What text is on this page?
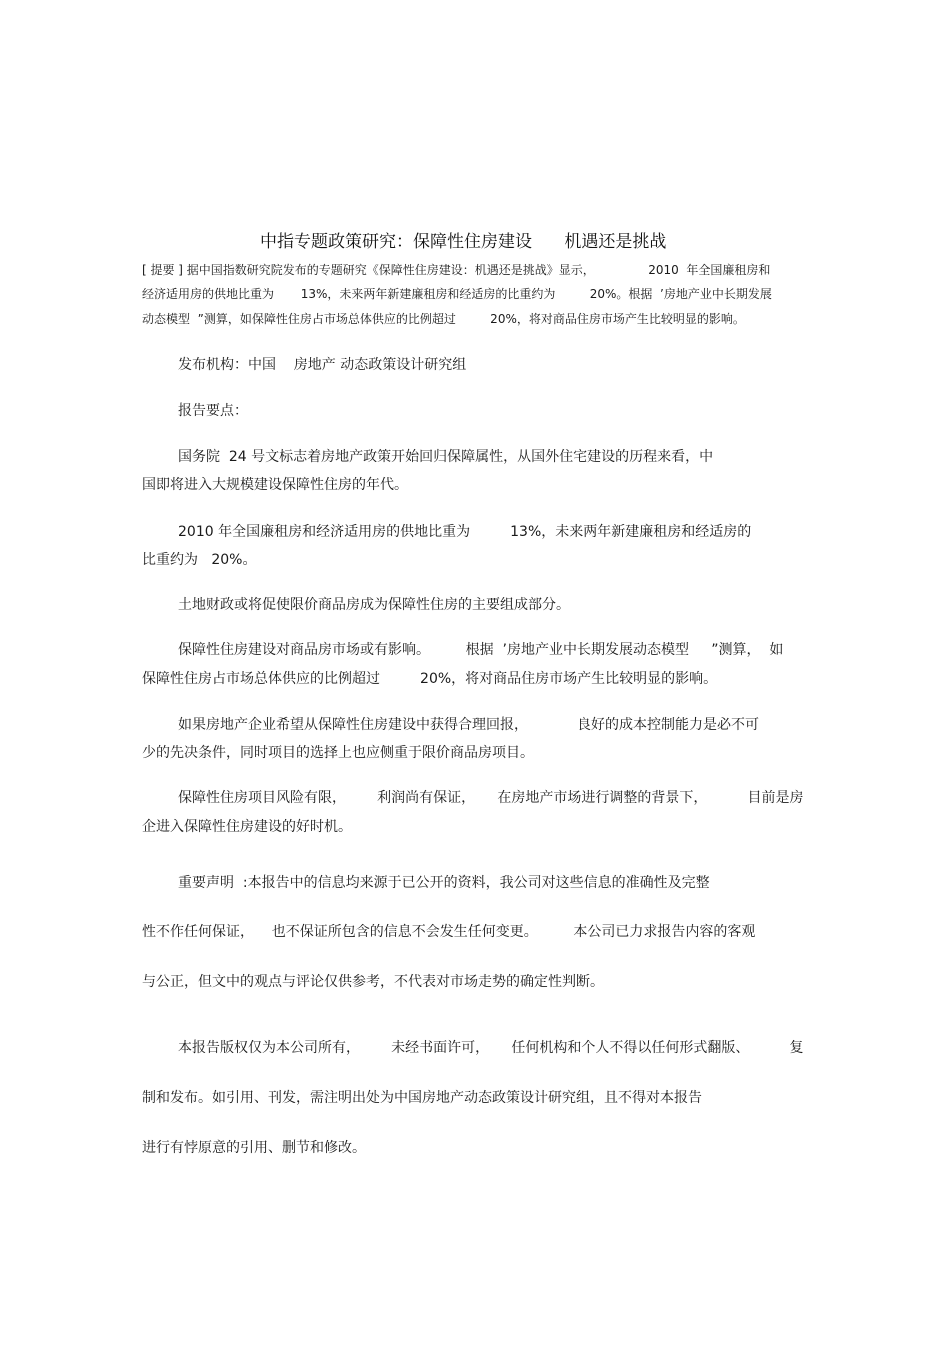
中指专题政策研究：保障性住房建设      机遇还是挑战
[ 提要 ] 据中国指数研究院发布的专题研究《保障性住房建设：机遇还是挑战》显示，              2010  年全国廉租房和
经济适用房的供地比重为       13%，未来两年新建廉租房和经适房的比重约为         20%。根据  ’房地产业中长期发展
动态模型  ”测算，如保障性住房占市场总体供应的比例超过         20%，将对商品住房市场产生比较明显的影响。
发布机构：中国    房地产 动态政策设计研究组
报告要点：
国务院  24 号文标志着房地产政策开始回归保障属性，从国外住宅建设的历程来看，中
国即将进入大规模建设保障性住房的年代。
2010 年全国廉租房和经济适用房的供地比重为         13%，未来两年新建廉租房和经适房的
比重约为   20%。
土地财政或将促使限价商品房成为保障性住房的主要组成部分。
保障性住房建设对商品房市场或有影响。        根据  ’房地产业中长期发展动态模型     ”测算，  如
保障性住房占市场总体供应的比例超过         20%，将对商品住房市场产生比较明显的影响。
如果房地产企业希望从保障性住房建设中获得合理回报，           良好的成本控制能力是必不可
少的先决条件，同时项目的选择上也应侧重于限价商品房项目。
保障性住房项目风险有限，       利润尚有保证，     在房地产市场进行调整的背景下，         目前是房
企进入保障性住房建设的好时机。
重要声明  :本报告中的信息均来源于已公开的资料，我公司对这些信息的准确性及完整
性不作任何保证，    也不保证所包含的信息不会发生任何变更。        本公司已力求报告内容的客观
与公正，但文中的观点与评论仅供参考，不代表对市场走势的确定性判断。
本报告版权仅为本公司所有，       未经书面许可，     任何机构和个人不得以任何形式翻版、         复
制和发布。如引用、刊发，需注明出处为中国房地产动态政策设计研究组，且不得对本报告
进行有悖原意的引用、删节和修改。
